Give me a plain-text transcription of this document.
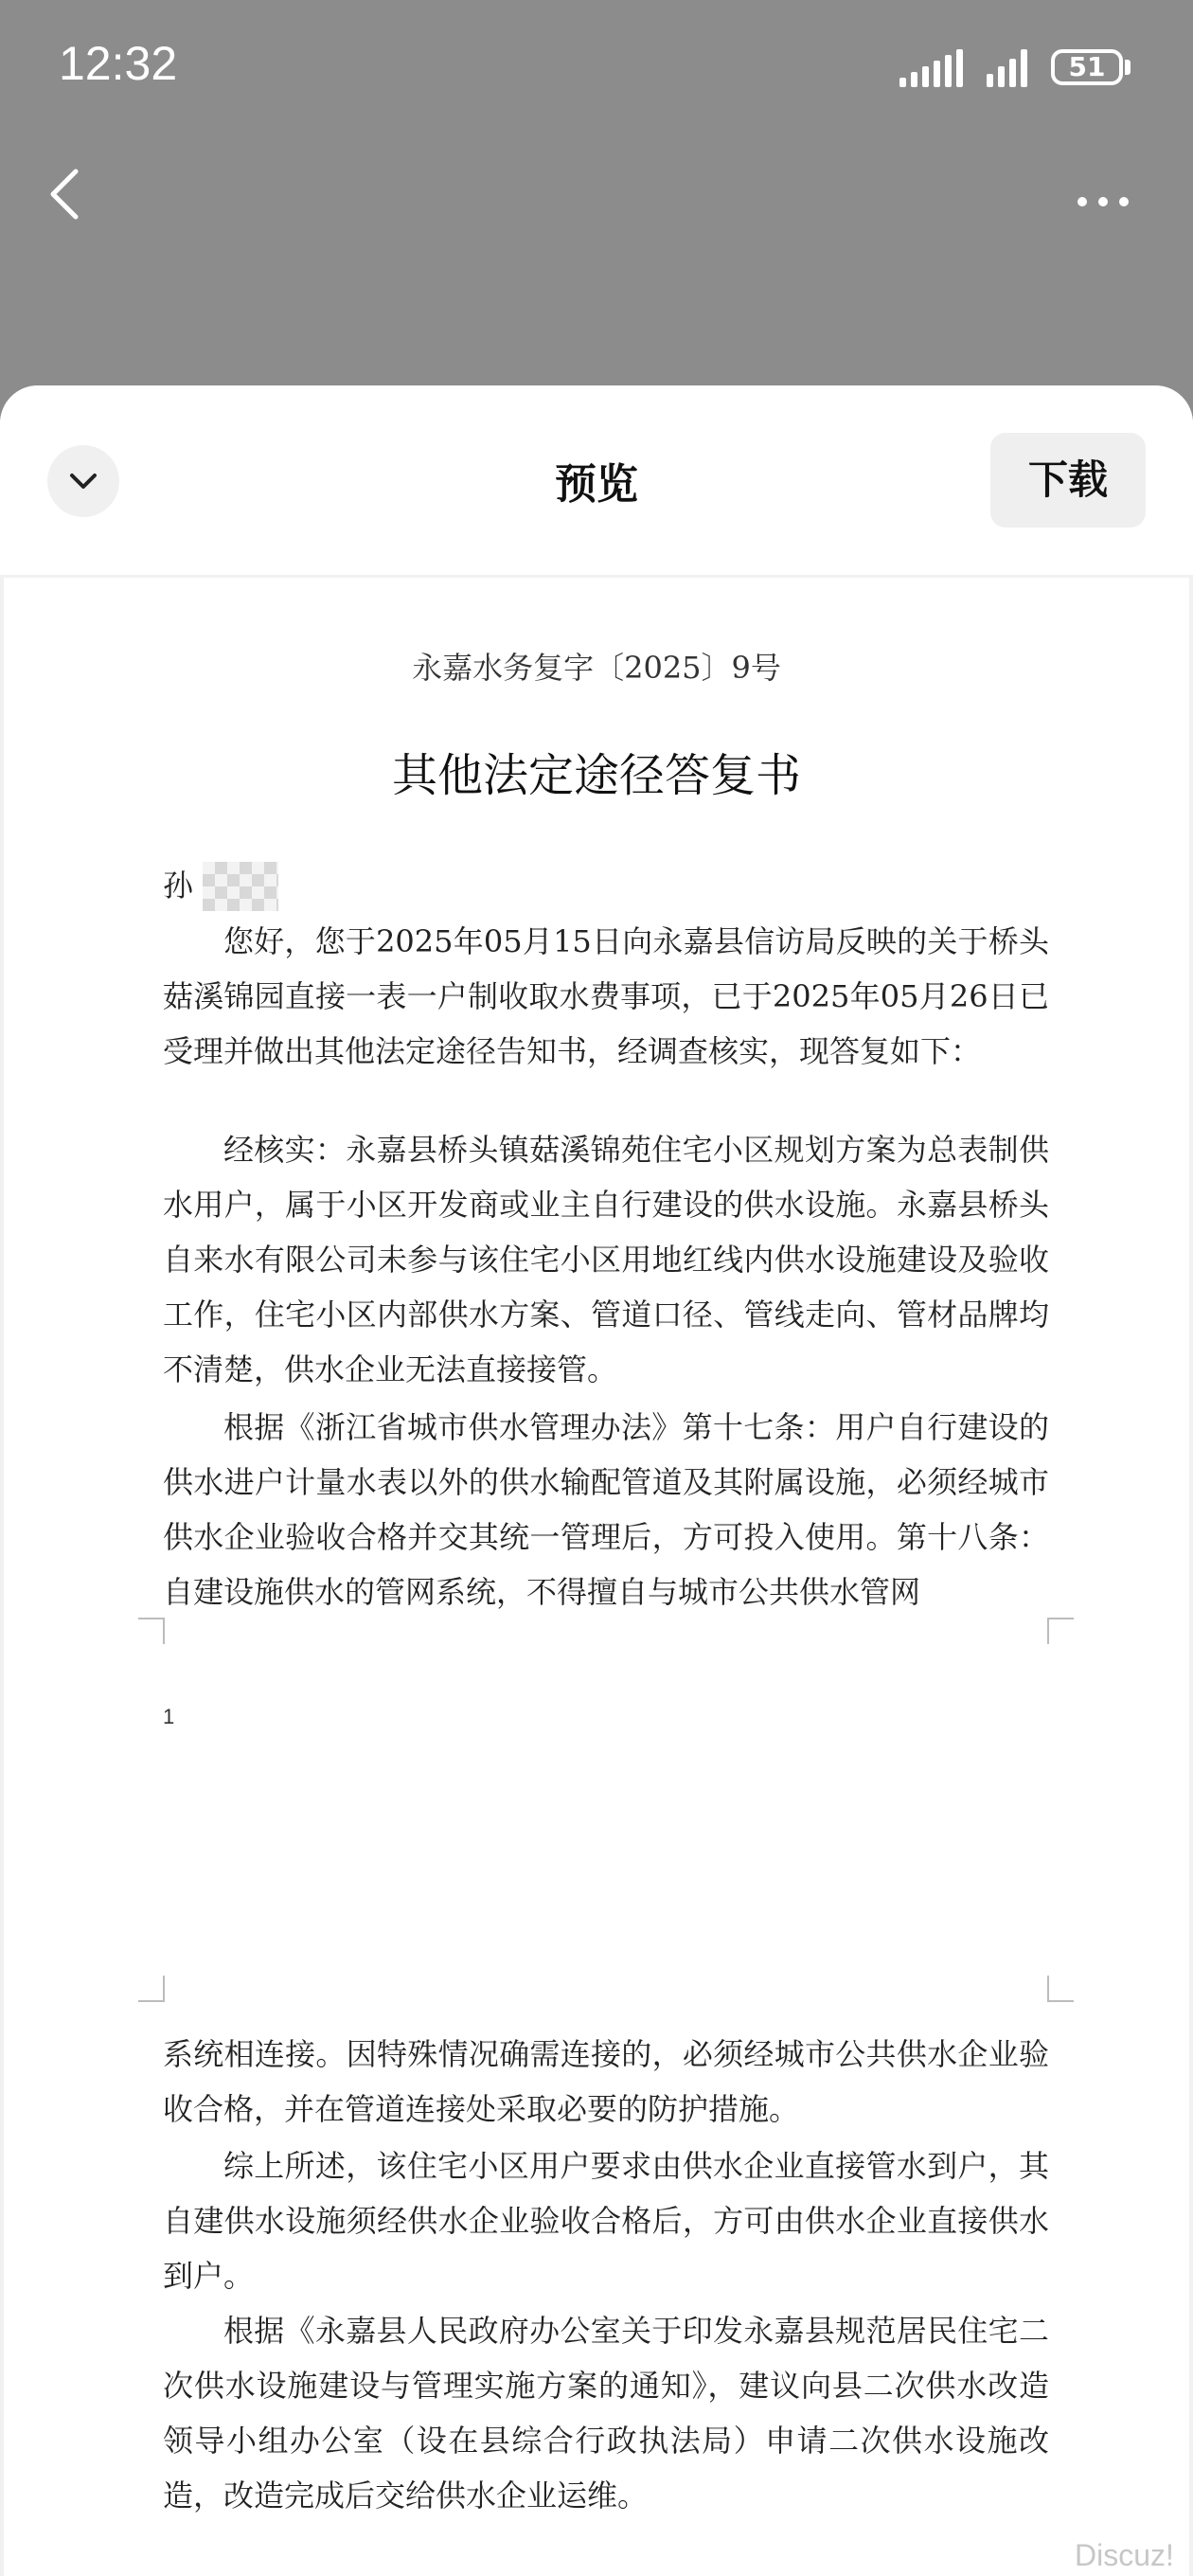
12:32	51
预览	下载
永嘉水务复字〔2025〕9号
其他法定途径答复书
孙

您好，您于2025年05月15日向永嘉县信访局反映的关于桥头菇溪锦园直接一表一户制收取水费事项，已于2025年05月26日已受理并做出其他法定途径告知书，经调查核实，现答复如下：

经核实：永嘉县桥头镇菇溪锦苑住宅小区规划方案为总表制供水用户，属于小区开发商或业主自行建设的供水设施。永嘉县桥头自来水有限公司未参与该住宅小区用地红线内供水设施建设及验收工作，住宅小区内部供水方案、管道口径、管线走向、管材品牌均不清楚，供水企业无法直接接管。

根据《浙江省城市供水管理办法》第十七条：用户自行建设的供水进户计量水表以外的供水输配管道及其附属设施，必须经城市供水企业验收合格并交其统一管理后，方可投入使用。第十八条：自建设施供水的管网系统，不得擅自与城市公共供水管网

1

系统相连接。因特殊情况确需连接的，必须经城市公共供水企业验收合格，并在管道连接处采取必要的防护措施。

综上所述，该住宅小区用户要求由供水企业直接管水到户，其自建供水设施须经供水企业验收合格后，方可由供水企业直接供水到户。

根据《永嘉县人民政府办公室关于印发永嘉县规范居民住宅二次供水设施建设与管理实施方案的通知》，建议向县二次供水改造领导小组办公室（设在县综合行政执法局）申请二次供水设施改造，改造完成后交给供水企业运维。

Discuz!
